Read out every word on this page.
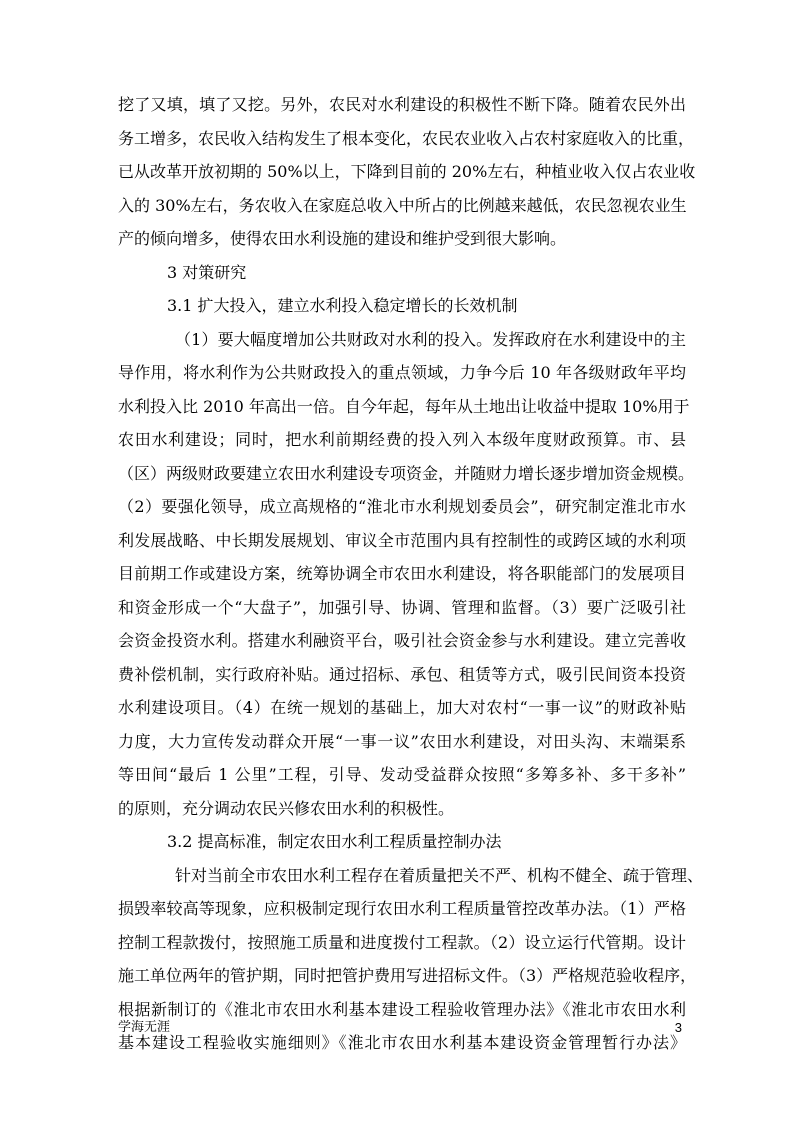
挖了又填，填了又挖。另外，农民对水利建设的积极性不断下降。随着农民外出
务工增多，农民收入结构发生了根本变化，农民农业收入占农村家庭收入的比重，
已从改革开放初期的 50%以上，下降到目前的 20%左右，种植业收入仅占农业收
入的 30%左右，务农收入在家庭总收入中所占的比例越来越低，农民忽视农业生
产的倾向增多，使得农田水利设施的建设和维护受到很大影响。
3 对策研究
3.1 扩大投入，建立水利投入稳定增长的长效机制
（1）要大幅度增加公共财政对水利的投入。发挥政府在水利建设中的主
导作用，将水利作为公共财政投入的重点领域，力争今后 10 年各级财政年平均
水利投入比 2010 年高出一倍。自今年起，每年从土地出让收益中提取 10%用于
农田水利建设；同时，把水利前期经费的投入列入本级年度财政预算。市、县
（区）两级财政要建立农田水利建设专项资金，并随财力增长逐步增加资金规模。
（2）要强化领导，成立高规格的“淮北市水利规划委员会”，研究制定淮北市水
利发展战略、中长期发展规划、审议全市范围内具有控制性的或跨区域的水利项
目前期工作或建设方案，统筹协调全市农田水利建设，将各职能部门的发展项目
和资金形成一个“大盘子”，加强引导、协调、管理和监督。（3）要广泛吸引社
会资金投资水利。搭建水利融资平台，吸引社会资金参与水利建设。建立完善收
费补偿机制，实行政府补贴。通过招标、承包、租赁等方式，吸引民间资本投资
水利建设项目。（4）在统一规划的基础上，加大对农村“一事一议”的财政补贴
力度，大力宣传发动群众开展“一事一议”农田水利建设，对田头沟、末端渠系
等田间“最后 1 公里”工程，引导、发动受益群众按照“多筹多补、多干多补”
的原则，充分调动农民兴修农田水利的积极性。
3.2 提高标准，制定农田水利工程质量控制办法
针对当前全市农田水利工程存在着质量把关不严、机构不健全、疏于管理、
损毁率较高等现象，应积极制定现行农田水利工程质量管控改革办法。（1）严格
控制工程款拨付，按照施工质量和进度拨付工程款。（2）设立运行代管期。设计
施工单位两年的管护期，同时把管护费用写进招标文件。（3）严格规范验收程序，
根据新制订的《淮北市农田水利基本建设工程验收管理办法》《淮北市农田水利
基本建设工程验收实施细则》《淮北市农田水利基本建设资金管理暂行办法》
学海无涯	3
